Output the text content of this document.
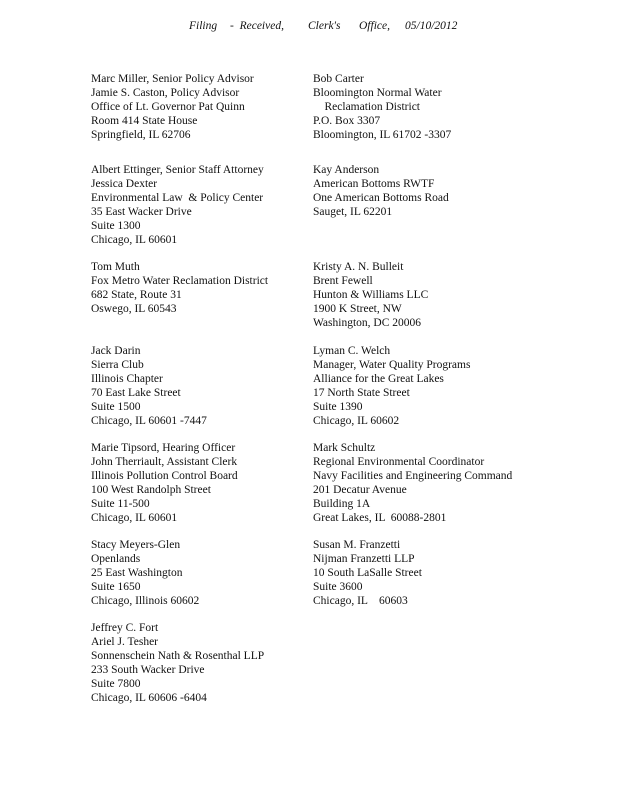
Filing -  Received, Clerk's Office, 05/10/2012
Marc Miller, Senior Policy Advisor
Jamie S. Caston, Policy Advisor
Office of Lt. Governor Pat Quinn
Room 414 State House
Springfield, IL 62706
Albert Ettinger, Senior Staff Attorney
Jessica Dexter
Environmental Law  & Policy Center
35 East Wacker Drive
Suite 1300
Chicago, IL 60601
Tom Muth
Fox Metro Water Reclamation District
682 State, Route 31
Oswego, IL 60543
Jack Darin
Sierra Club
Illinois Chapter
70 East Lake Street
Suite 1500
Chicago, IL 60601 -7447
Marie Tipsord, Hearing Officer
John Therriault, Assistant Clerk
Illinois Pollution Control Board
100 West Randolph Street
Suite 11-500
Chicago, IL 60601
Stacy Meyers-Glen
Openlands
25 East Washington
Suite 1650
Chicago, Illinois 60602
Jeffrey C. Fort
Ariel J. Tesher
Sonnenschein Nath & Rosenthal LLP
233 South Wacker Drive
Suite 7800
Chicago, IL 60606 -6404
Bob Carter
Bloomington Normal Water
Reclamation District
P.O. Box 3307
Bloomington, IL 61702 -3307
Kay Anderson
American Bottoms RWTF
One American Bottoms Road
Sauget, IL 62201
Kristy A. N. Bulleit
Brent Fewell
Hunton & Williams LLC
1900 K Street, NW
Washington, DC 20006
Lyman C. Welch
Manager, Water Quality Programs
Alliance for the Great Lakes
17 North State Street
Suite 1390
Chicago, IL 60602
Mark Schultz
Regional Environmental Coordinator
Navy Facilities and Engineering Command
201 Decatur Avenue
Building 1A
Great Lakes, IL  60088-2801
Susan M. Franzetti
Nijman Franzetti LLP
10 South LaSalle Street
Suite 3600
Chicago, IL    60603
